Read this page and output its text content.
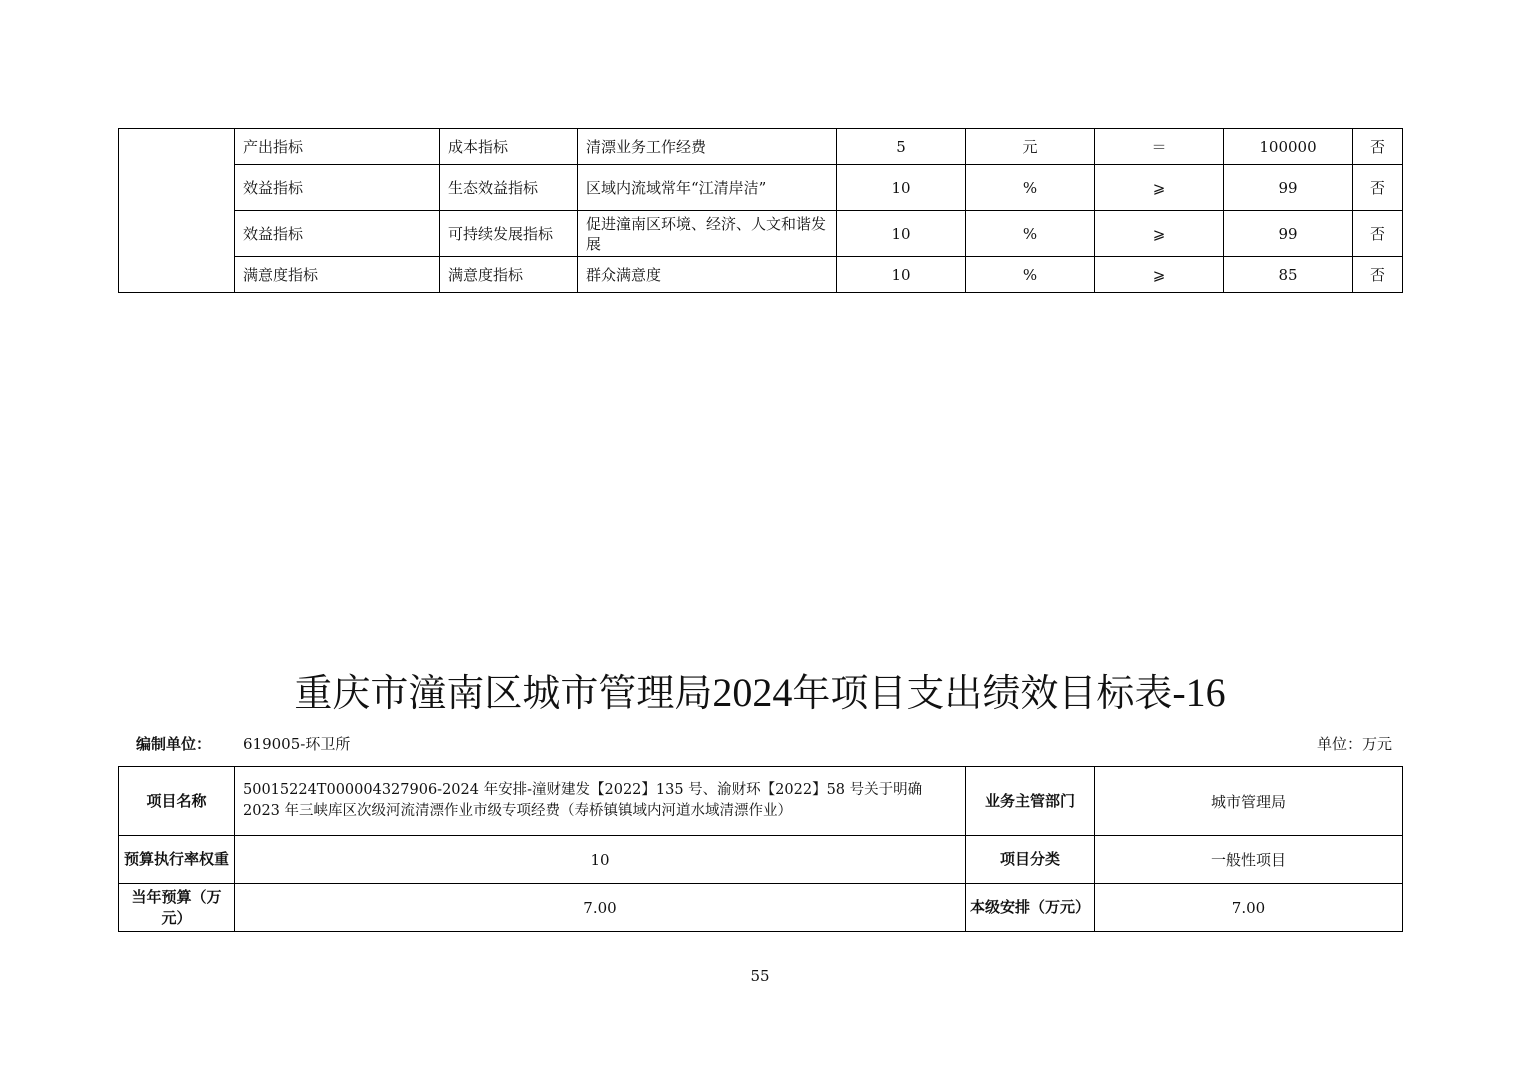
	产出指标	成本指标	清漂业务工作经费	5	元	＝	100000	否
	效益指标	生态效益指标	区域内流域常年“江清岸洁”	10	%	⩾	99	否
	效益指标	可持续发展指标	促进潼南区环境、经济、人文和谐发展	10	%	⩾	99	否
	满意度指标	满意度指标	群众满意度	10	%	⩾	85	否
重庆市潼南区城市管理局2024年项目支出绩效目标表-16
编制单位： 619005-环卫所	单位：万元
项目名称	50015224T000004327906-2024 年安排-潼财建发【2022】135 号、渝财环【2022】58 号关于明确 2023 年三峡库区次级河流清漂作业市级专项经费（寿桥镇镇域内河道水域清漂作业）	业务主管部门	城市管理局
预算执行率权重	10	项目分类	一般性项目
当年预算（万元）	7.00	本级安排（万元）	7.00
55
